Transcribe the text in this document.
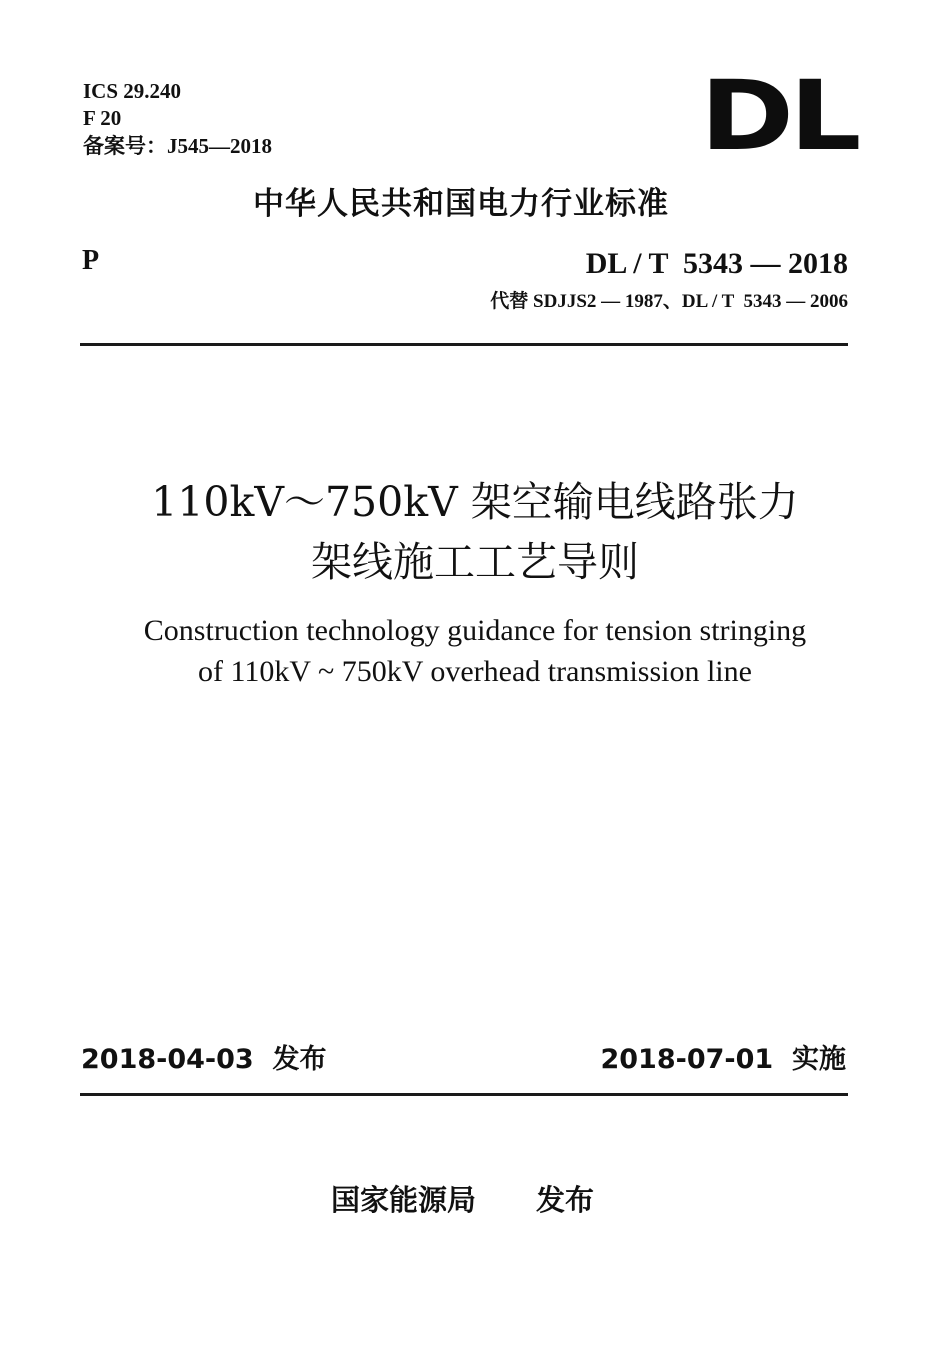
ICS 29.240
F 20
备案号：J545—2018	DL
中华人民共和国电力行业标准
P	DL / T  5343 — 2018
代替 SDJJS2 — 1987、DL / T  5343 — 2006
110kV～750kV 架空输电线路张力
架线施工工艺导则
Construction technology guidance for tension stringing
of 110kV ~ 750kV overhead transmission line
2018-04-03  发布	2018-07-01  实施
国家能源局 发布
